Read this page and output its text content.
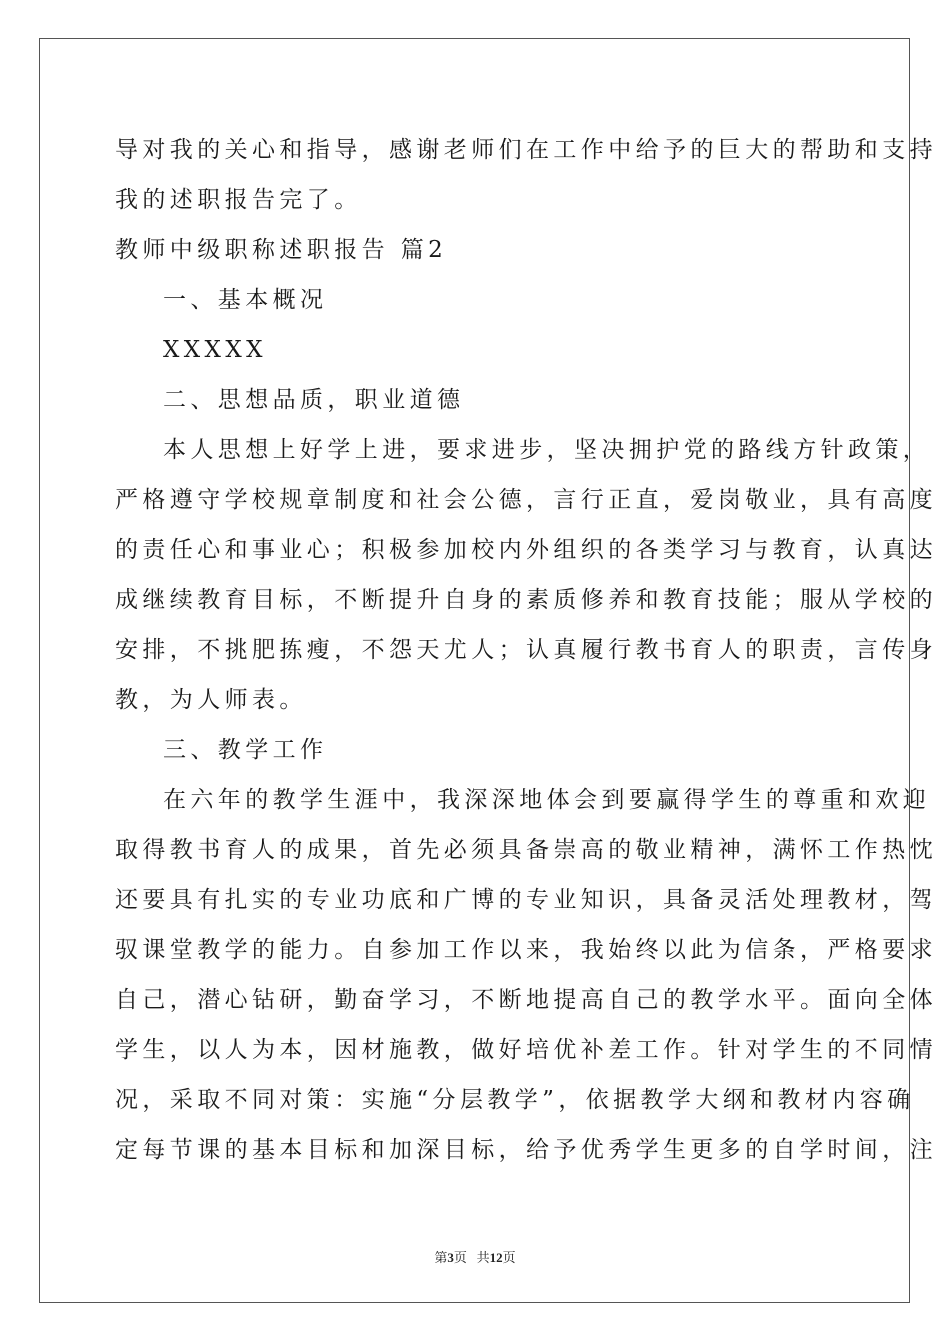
导对我的关心和指导，感谢老师们在工作中给予的巨大的帮助和支持
我的述职报告完了。
教师中级职称述职报告 篇2
一、基本概况
XXXXX
二、思想品质，职业道德
本人思想上好学上进，要求进步，坚决拥护党的路线方针政策，
严格遵守学校规章制度和社会公德，言行正直，爱岗敬业，具有高度
的责任心和事业心；积极参加校内外组织的各类学习与教育，认真达
成继续教育目标，不断提升自身的素质修养和教育技能；服从学校的
安排，不挑肥拣瘦，不怨天尤人；认真履行教书育人的职责，言传身
教，为人师表。
三、教学工作
在六年的教学生涯中，我深深地体会到要赢得学生的尊重和欢迎
取得教书育人的成果，首先必须具备崇高的敬业精神，满怀工作热忱
还要具有扎实的专业功底和广博的专业知识，具备灵活处理教材，驾
驭课堂教学的能力。自参加工作以来，我始终以此为信条，严格要求
自己，潜心钻研，勤奋学习，不断地提高自己的教学水平。面向全体
学生，以人为本，因材施教，做好培优补差工作。针对学生的不同情
况，采取不同对策：实施“分层教学”，依据教学大纲和教材内容确
定每节课的基本目标和加深目标，给予优秀学生更多的自学时间，注
第3页 共12页
